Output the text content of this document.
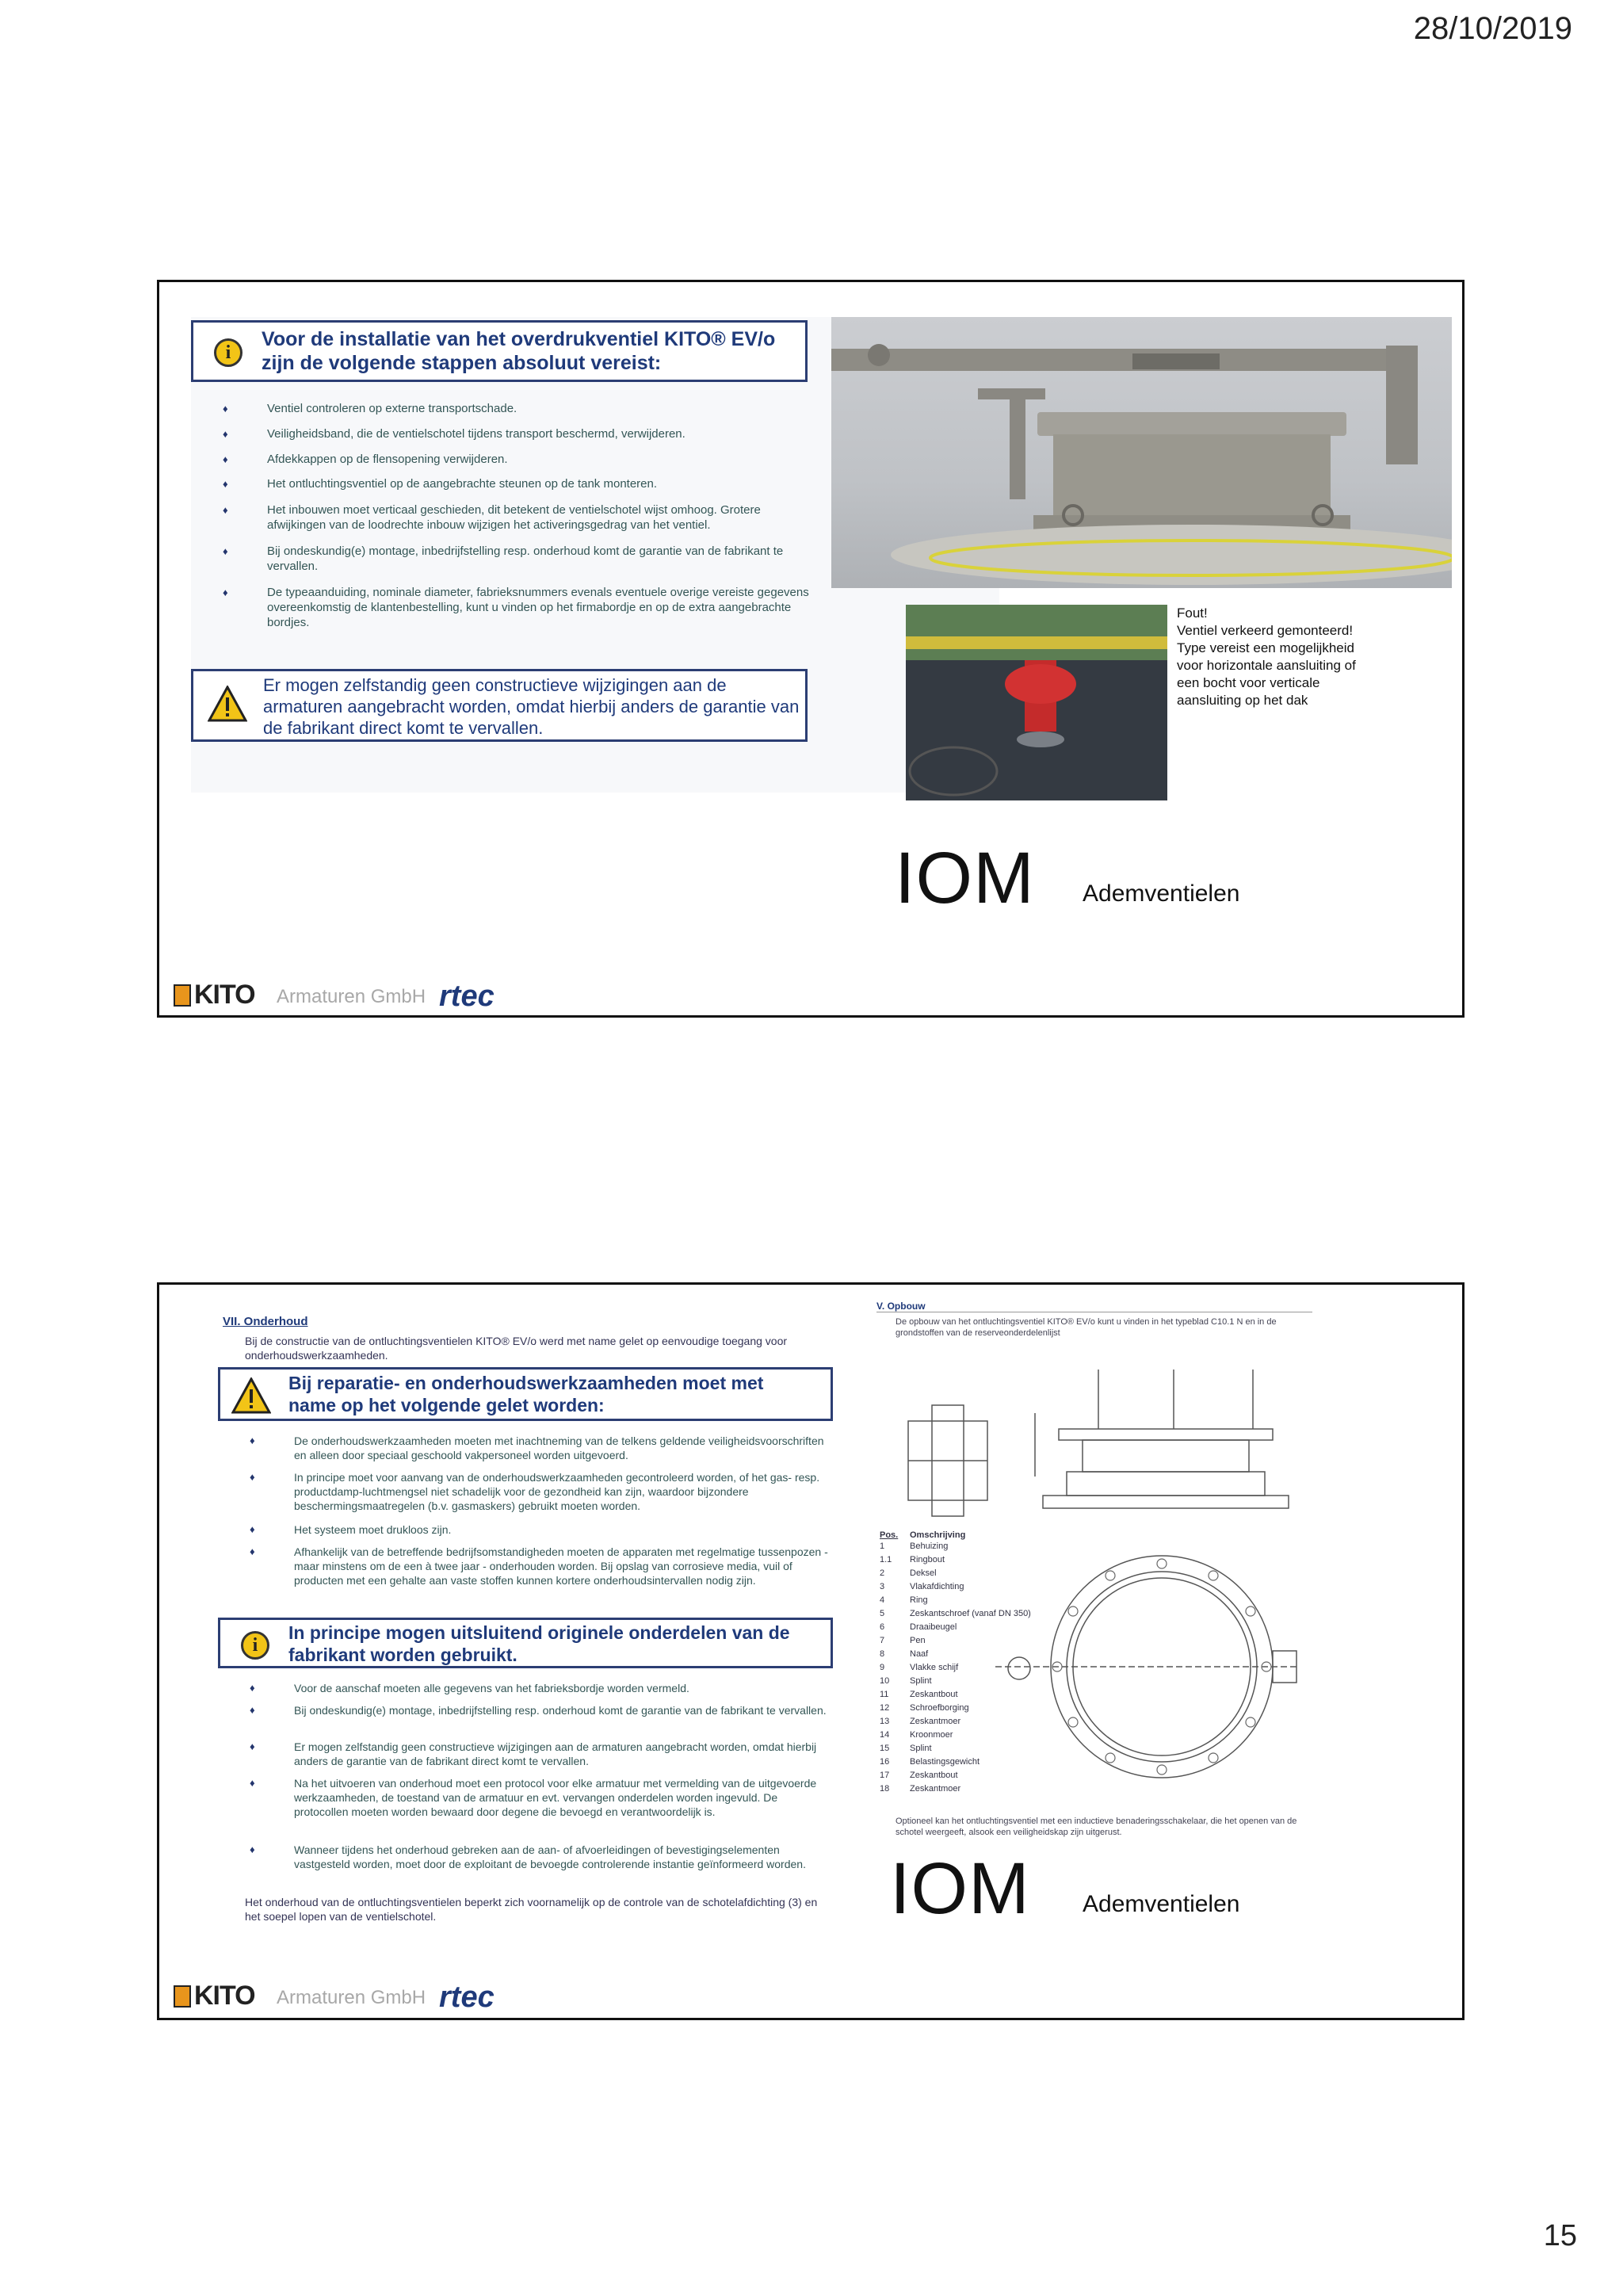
28/10/2019
i
Voor de installatie van het overdrukventiel KITO® EV/o zijn de volgende stappen absoluut vereist:
♦ Ventiel controleren op externe transportschade.
♦ Veiligheidsband, die de ventielschotel tijdens transport beschermd, verwijderen.
♦ Afdekkappen op de flensopening verwijderen.
♦ Het ontluchtingsventiel op de aangebrachte steunen op de tank monteren.
♦ Het inbouwen moet verticaal geschieden, dit betekent de ventielschotel wijst omhoog. Grotere afwijkingen van de loodrechte inbouw wijzigen het activeringsgedrag van het ventiel.
♦ Bij ondeskundig(e) montage, inbedrijfstelling resp. onderhoud komt de garantie van de fabrikant te vervallen.
♦ De typeaanduiding, nominale diameter, fabrieksnummers evenals eventuele overige vereiste gegevens overeenkomstig de klantenbestelling, kunt u vinden op het firmabordje en op de extra aangebrachte bordjes.
Er mogen zelfstandig geen constructieve wijzigingen aan de armaturen aangebracht worden, omdat hierbij anders de garantie van de fabrikant direct komt te vervallen.
Fout!
Ventiel verkeerd gemonteerd!
Type vereist een mogelijkheid
voor horizontale aansluiting of
een bocht voor verticale
aansluiting op het dak
IOM Ademventielen
KITO Armaturen GmbH rtec
VII. Onderhoud
Bij de constructie van de ontluchtingsventielen KITO® EV/o werd met name gelet op eenvoudige toegang voor onderhoudswerkzaamheden.
Bij reparatie- en onderhoudswerkzaamheden moet met name op het volgende gelet worden:
♦ De onderhoudswerkzaamheden moeten met inachtneming van de telkens geldende veiligheidsvoorschriften en alleen door speciaal geschoold vakpersoneel worden uitgevoerd.
♦ In principe moet voor aanvang van de onderhoudswerkzaamheden gecontroleerd worden, of het gas- resp. productdamp-luchtmengsel niet schadelijk voor de gezondheid kan zijn, waardoor bijzondere beschermingsmaatregelen (b.v. gasmaskers) gebruikt moeten worden.
♦ Het systeem moet drukloos zijn.
♦ Afhankelijk van de betreffende bedrijfsomstandigheden moeten de apparaten met regelmatige tussenpozen - maar minstens om de een à twee jaar - onderhouden worden. Bij opslag van corrosieve media, vuil of producten met een gehalte aan vaste stoffen kunnen kortere onderhoudsintervallen nodig zijn.
i
In principe mogen uitsluitend originele onderdelen van de fabrikant worden gebruikt.
♦ Voor de aanschaf moeten alle gegevens van het fabrieksbordje worden vermeld.
♦ Bij ondeskundig(e) montage, inbedrijfstelling resp. onderhoud komt de garantie van de fabrikant te vervallen.
♦ Er mogen zelfstandig geen constructieve wijzigingen aan de armaturen aangebracht worden, omdat hierbij anders de garantie van de fabrikant direct komt te vervallen.
♦ Na het uitvoeren van onderhoud moet een protocol voor elke armatuur met vermelding van de uitgevoerde werkzaamheden, de toestand van de armatuur en evt. vervangen onderdelen worden ingevuld. De protocollen moeten worden bewaard door degene die bevoegd en verantwoordelijk is.
♦ Wanneer tijdens het onderhoud gebreken aan de aan- of afvoerleidingen of bevestigingselementen vastgesteld worden, moet door de exploitant de bevoegde controlerende instantie geïnformeerd worden.
Het onderhoud van de ontluchtingsventielen beperkt zich voornamelijk op de controle van de schotelafdichting (3) en het soepel lopen van de ventielschotel.
V. Opbouw
De opbouw van het ontluchtingsventiel KITO® EV/o kunt u vinden in het typeblad C10.1 N en in de grondstoffen van de reserveonderdelenlijst
Pos. Omschrijving
1	Behuizing
1.1 Ringbout
2	Deksel
3	Vlakafdichting
4	Ring
5	Zeskantschroef (vanaf DN 350)
6	Draaibeugel
7	Pen
8	Naaf
9	Vlakke schijf
10 Splint
11 Zeskantbout
12 Schroefborging
13 Zeskantmoer
14 Kroonmoer
15 Splint
16 Belastingsgewicht
17 Zeskantbout
18 Zeskantmoer
Optioneel kan het ontluchtingsventiel met een inductieve benaderingsschakelaar, die het openen van de schotel weergeeft, alsook een veiligheidskap zijn uitgerust.
IOM Ademventielen
KITO Armaturen GmbH rtec
15
